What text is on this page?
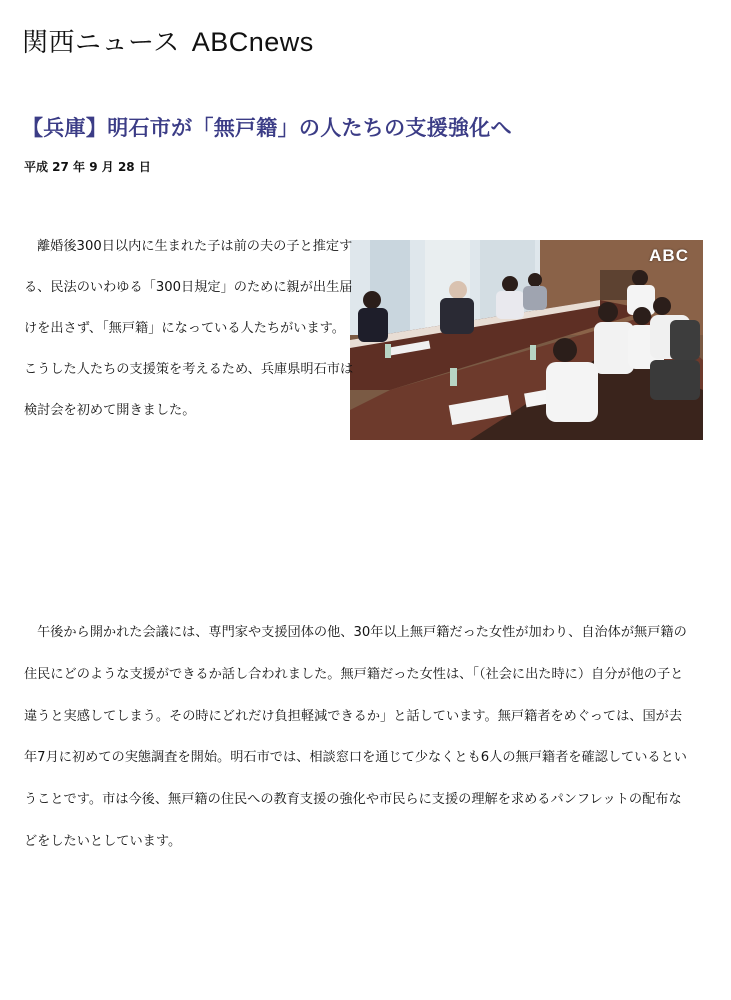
関西ニュース ABCnews
【兵庫】明石市が「無戸籍」の人たちの支援強化へ
平成 27 年 9 月 28 日
ABC

離婚後300日以内に生まれた子は前の夫の子と推定する、民法のいわゆる「300日規定」のために親が出生届けを出さず、「無戸籍」になっている人たちがいます。こうした人たちの支援策を考えるため、兵庫県明石市は検討会を初めて開きました。

午後から開かれた会議には、専門家や支援団体の他、30年以上無戸籍だった女性が加わり、自治体が無戸籍の住民にどのような支援ができるか話し合われました。無戸籍だった女性は、「（社会に出た時に）自分が他の子と違うと実感してしまう。その時にどれだけ負担軽減できるか」と話しています。無戸籍者をめぐっては、国が去年7月に初めての実態調査を開始。明石市では、相談窓口を通じて少なくとも6人の無戸籍者を確認しているということです。市は今後、無戸籍の住民への教育支援の強化や市民らに支援の理解を求めるパンフレットの配布などをしたいとしています。
